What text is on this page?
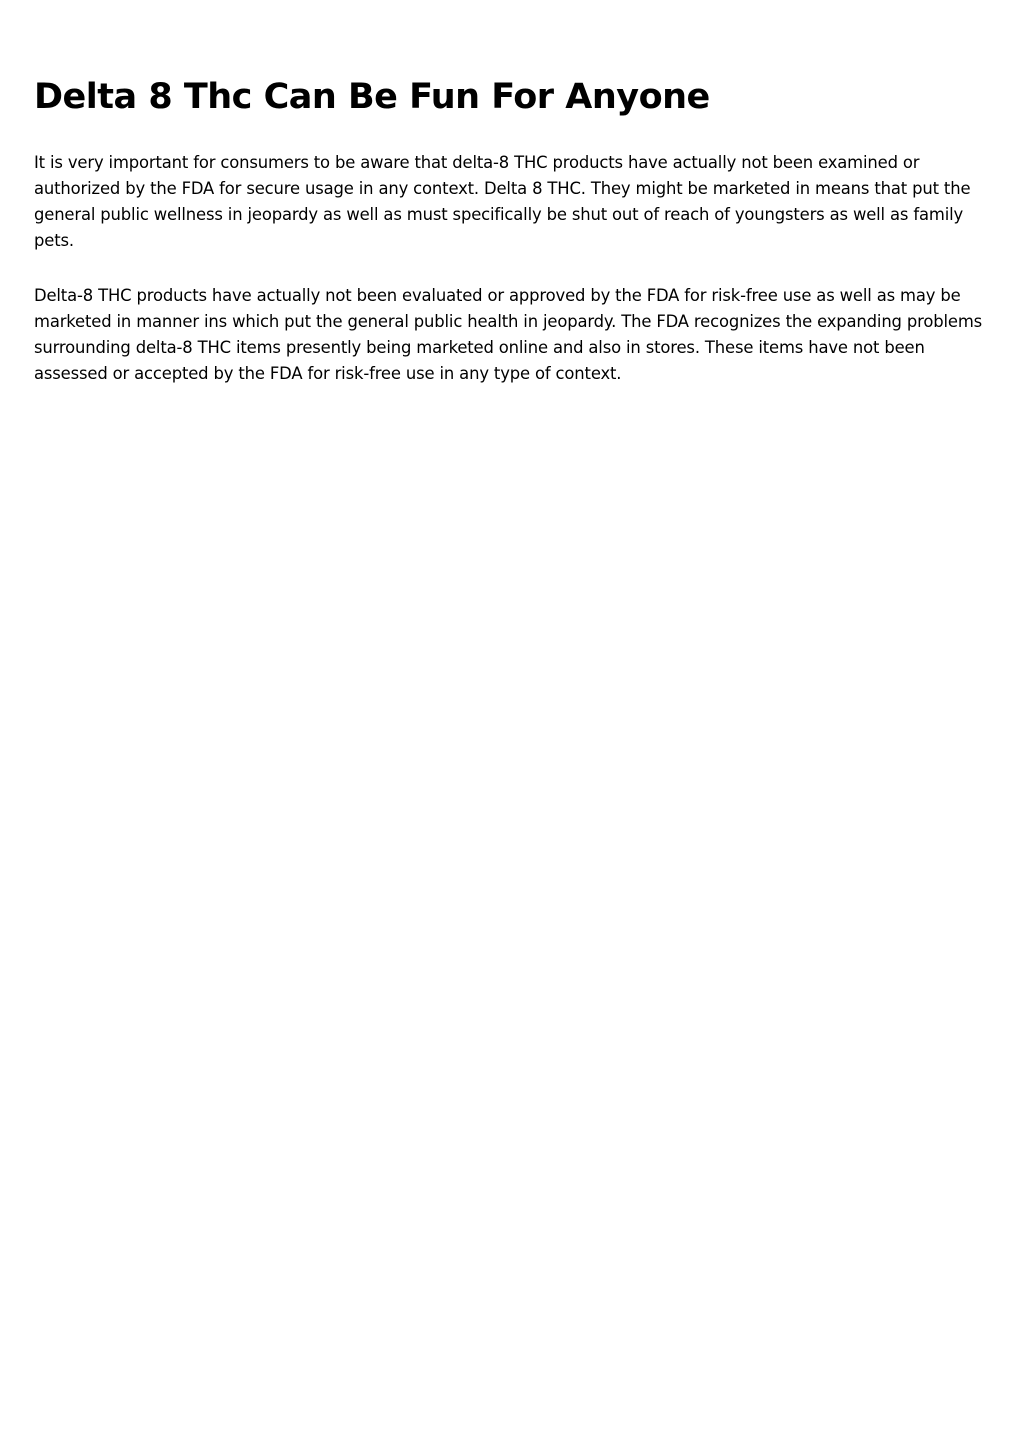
Delta 8 Thc Can Be Fun For Anyone

It is very important for consumers to be aware that delta-8 THC products have actually not been examined or authorized by the FDA for secure usage in any context. Delta 8 THC. They might be marketed in means that put the general public wellness in jeopardy as well as must specifically be shut out of reach of youngsters as well as family pets.

Delta-8 THC products have actually not been evaluated or approved by the FDA for risk-free use as well as may be marketed in manner ins which put the general public health in jeopardy. The FDA recognizes the expanding problems surrounding delta-8 THC items presently being marketed online and also in stores. These items have not been assessed or accepted by the FDA for risk-free use in any type of context.
